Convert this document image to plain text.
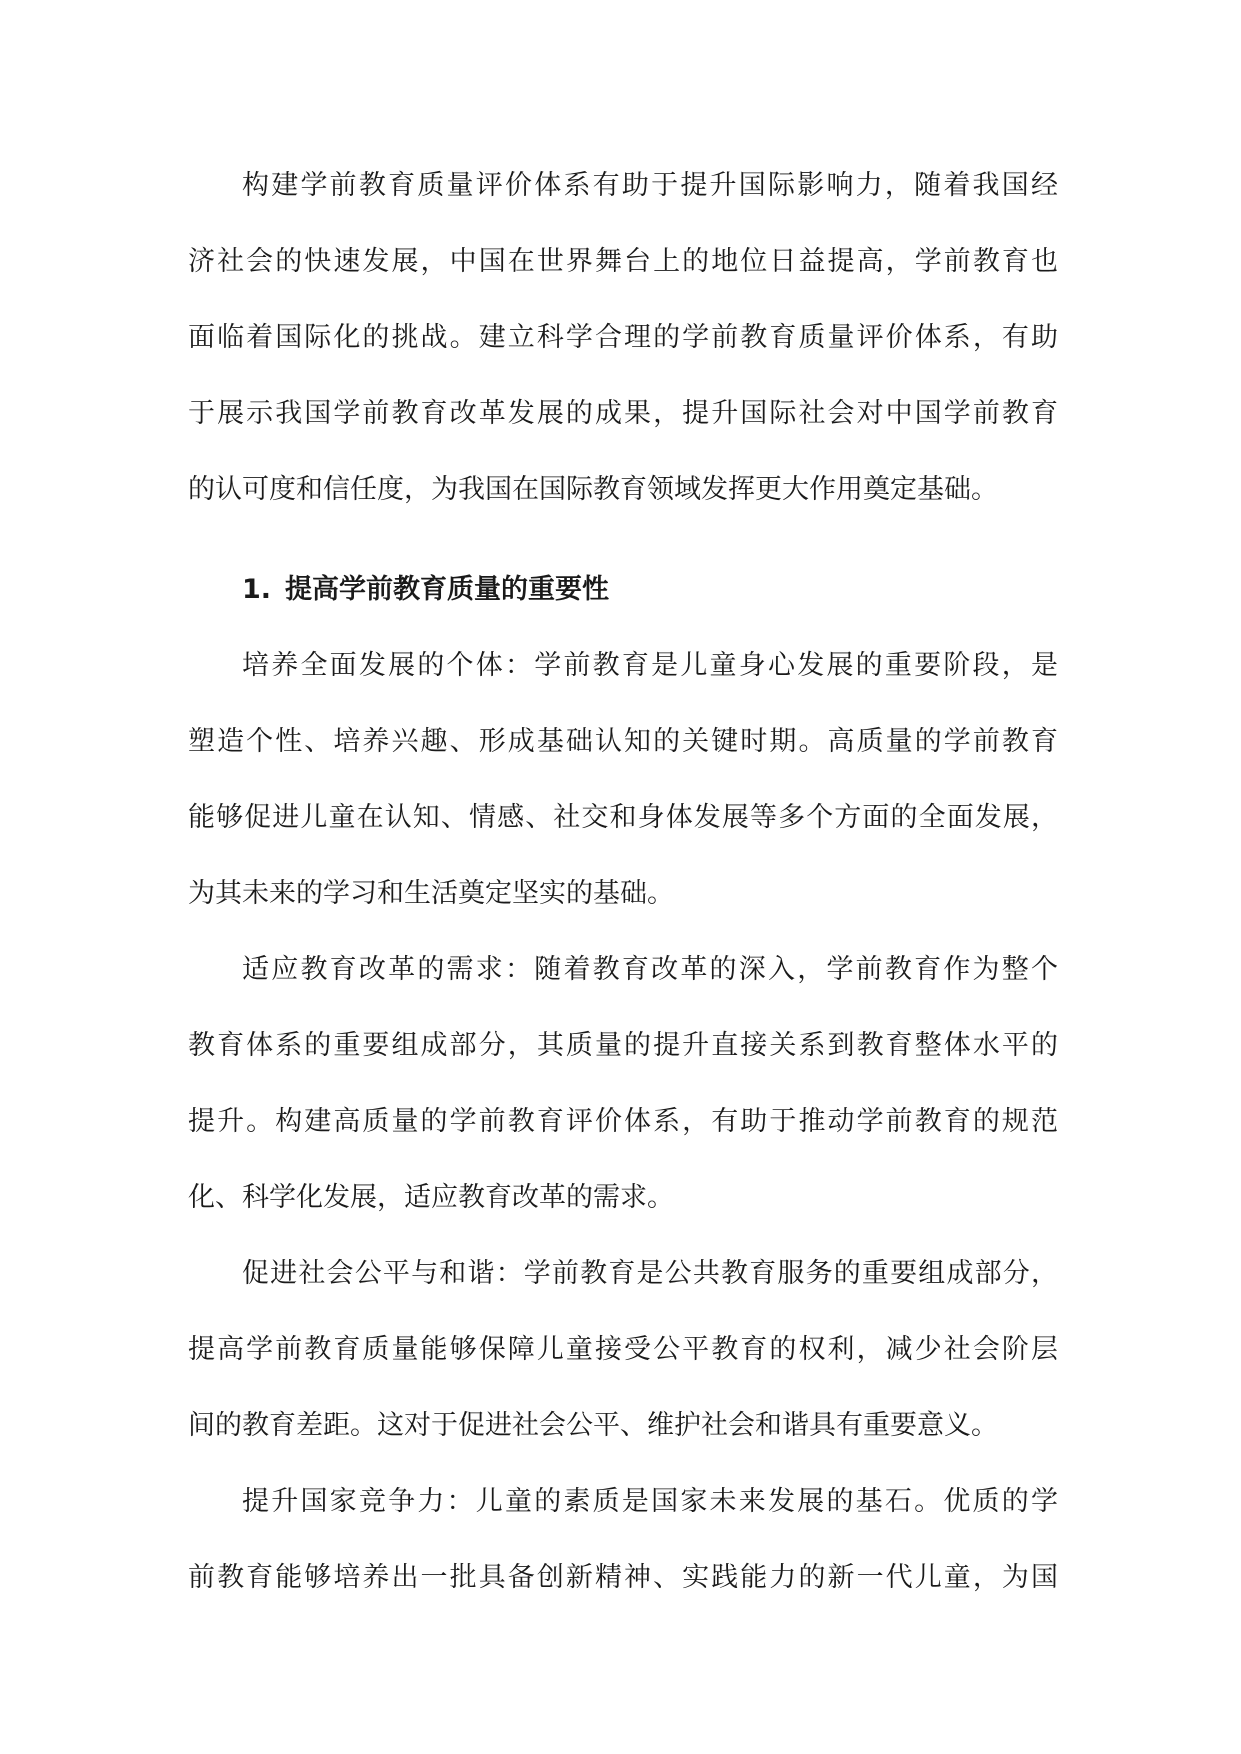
构建学前教育质量评价体系有助于提升国际影响力，随着我国经
济社会的快速发展，中国在世界舞台上的地位日益提高，学前教育也
面临着国际化的挑战。建立科学合理的学前教育质量评价体系，有助
于展示我国学前教育改革发展的成果，提升国际社会对中国学前教育
的认可度和信任度，为我国在国际教育领域发挥更大作用奠定基础。
1. 提高学前教育质量的重要性
培养全面发展的个体：学前教育是儿童身心发展的重要阶段，是
塑造个性、培养兴趣、形成基础认知的关键时期。高质量的学前教育
能够促进儿童在认知、情感、社交和身体发展等多个方面的全面发展，
为其未来的学习和生活奠定坚实的基础。
适应教育改革的需求：随着教育改革的深入，学前教育作为整个
教育体系的重要组成部分，其质量的提升直接关系到教育整体水平的
提升。构建高质量的学前教育评价体系，有助于推动学前教育的规范
化、科学化发展，适应教育改革的需求。
促进社会公平与和谐：学前教育是公共教育服务的重要组成部分，
提高学前教育质量能够保障儿童接受公平教育的权利，减少社会阶层
间的教育差距。这对于促进社会公平、维护社会和谐具有重要意义。
提升国家竞争力：儿童的素质是国家未来发展的基石。优质的学
前教育能够培养出一批具备创新精神、实践能力的新一代儿童，为国
